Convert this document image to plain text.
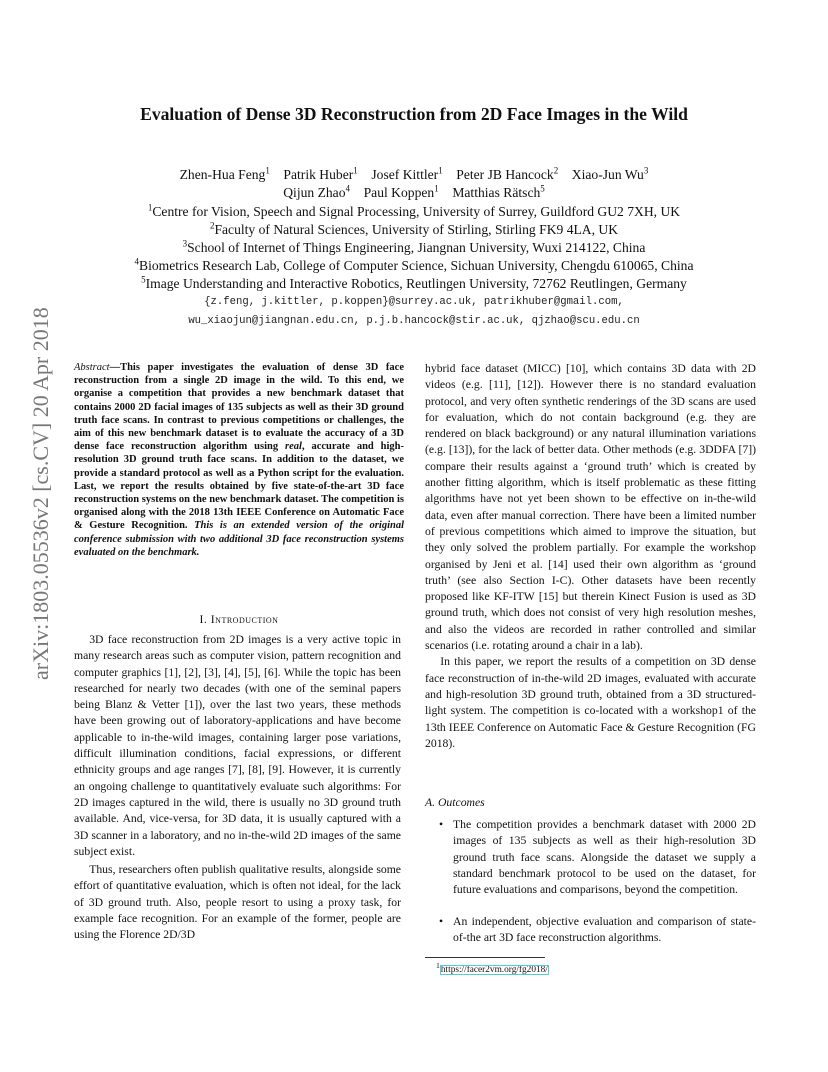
Evaluation of Dense 3D Reconstruction from 2D Face Images in the Wild
Zhen-Hua Feng$^1$ Patrik Huber$^1$ Josef Kittler$^1$ Peter JB Hancock$^2$ Xiao-Jun Wu$^3$
Qijun Zhao$^4$ Paul Koppen$^1$ Matthias Rätsch$^5$
$^1$Centre for Vision, Speech and Signal Processing, University of Surrey, Guildford GU2 7XH, UK
$^2$Faculty of Natural Sciences, University of Stirling, Stirling FK9 4LA, UK
$^3$School of Internet of Things Engineering, Jiangnan University, Wuxi 214122, China
$^4$Biometrics Research Lab, College of Computer Science, Sichuan University, Chengdu 610065, China
$^5$Image Understanding and Interactive Robotics, Reutlingen University, 72762 Reutlingen, Germany
{z.feng, j.kittler, p.koppen}@surrey.ac.uk, patrikhuber@gmail.com,
wu_xiaojun@jiangnan.edu.cn, p.j.b.hancock@stir.ac.uk, qjzhao@scu.edu.cn
arXiv:1803.05536v2 [cs.CV] 20 Apr 2018 Abstract—This paper investigates the evaluation of dense 3D face reconstruction from a single 2D image in the wild. To this end, we organise a competition that provides a new benchmark dataset that contains 2000 2D facial images of 135 subjects as well as their 3D ground truth face scans. In contrast to previous competitions or challenges, the aim of this new benchmark dataset is to evaluate the accuracy of a 3D dense face reconstruction algorithm using real, accurate and high-resolution 3D ground truth face scans. In addition to the dataset, we provide a standard protocol as well as a Python script for the evaluation. Last, we report the results obtained by five state-of-the-art 3D face reconstruction systems on the new benchmark dataset. The competition is organised along with the 2018 13th IEEE Conference on Automatic Face & Gesture Recognition. This is an extended version of the original conference submission with two additional 3D face reconstruction systems evaluated on the benchmark.
I. Introduction

3D face reconstruction from 2D images is a very active topic in many research areas such as computer vision, pattern recognition and computer graphics [1], [2], [3], [4], [5], [6]. While the topic has been researched for nearly two decades (with one of the seminal papers being Blanz & Vetter [1]), over the last two years, these methods have been growing out of laboratory-applications and have become applicable to in-the-wild images, containing larger pose variations, difficult illumination conditions, facial expressions, or different ethnicity groups and age ranges [7], [8], [9]. However, it is currently an ongoing challenge to quantitatively evaluate such algorithms: For 2D images captured in the wild, there is usually no 3D ground truth available. And, vice-versa, for 3D data, it is usually captured with a 3D scanner in a laboratory, and no in-the-wild 2D images of the same subject exist.

Thus, researchers often publish qualitative results, alongside some effort of quantitative evaluation, which is often not ideal, for the lack of 3D ground truth. Also, people resort to using a proxy task, for example face recognition. For an example of the former, people are using the Florence 2D/3D

hybrid face dataset (MICC) [10], which contains 3D data with 2D videos (e.g. [11], [12]). However there is no standard evaluation protocol, and very often synthetic renderings of the 3D scans are used for evaluation, which do not contain background (e.g. they are rendered on black background) or any natural illumination variations (e.g. [13]), for the lack of better data. Other methods (e.g. 3DDFA [7]) compare their results against a ‘ground truth’ which is created by another fitting algorithm, which is itself problematic as these fitting algorithms have not yet been shown to be effective on in-the-wild data, even after manual correction. There have been a limited number of previous competitions which aimed to improve the situation, but they only solved the problem partially. For example the workshop organised by Jeni et al. [14] used their own algorithm as ‘ground truth’ (see also Section I-C). Other datasets have been recently proposed like KF-ITW [15] but therein Kinect Fusion is used as 3D ground truth, which does not consist of very high resolution meshes, and also the videos are recorded in rather controlled and similar scenarios (i.e. rotating around a chair in a lab).

In this paper, we report the results of a competition on 3D dense face reconstruction of in-the-wild 2D images, evaluated with accurate and high-resolution 3D ground truth, obtained from a 3D structured-light system. The competition is co-located with a workshop1 of the 13th IEEE Conference on Automatic Face & Gesture Recognition (FG 2018).

A. Outcomes
• The competition provides a benchmark dataset with 2000 2D images of 135 subjects as well as their high-resolution 3D ground truth face scans. Alongside the dataset we supply a standard benchmark protocol to be used on the dataset, for future evaluations and comparisons, beyond the competition.
• An independent, objective evaluation and comparison of state-of-the art 3D face reconstruction algorithms.
$^1$https://facer2vm.org/fg2018/
